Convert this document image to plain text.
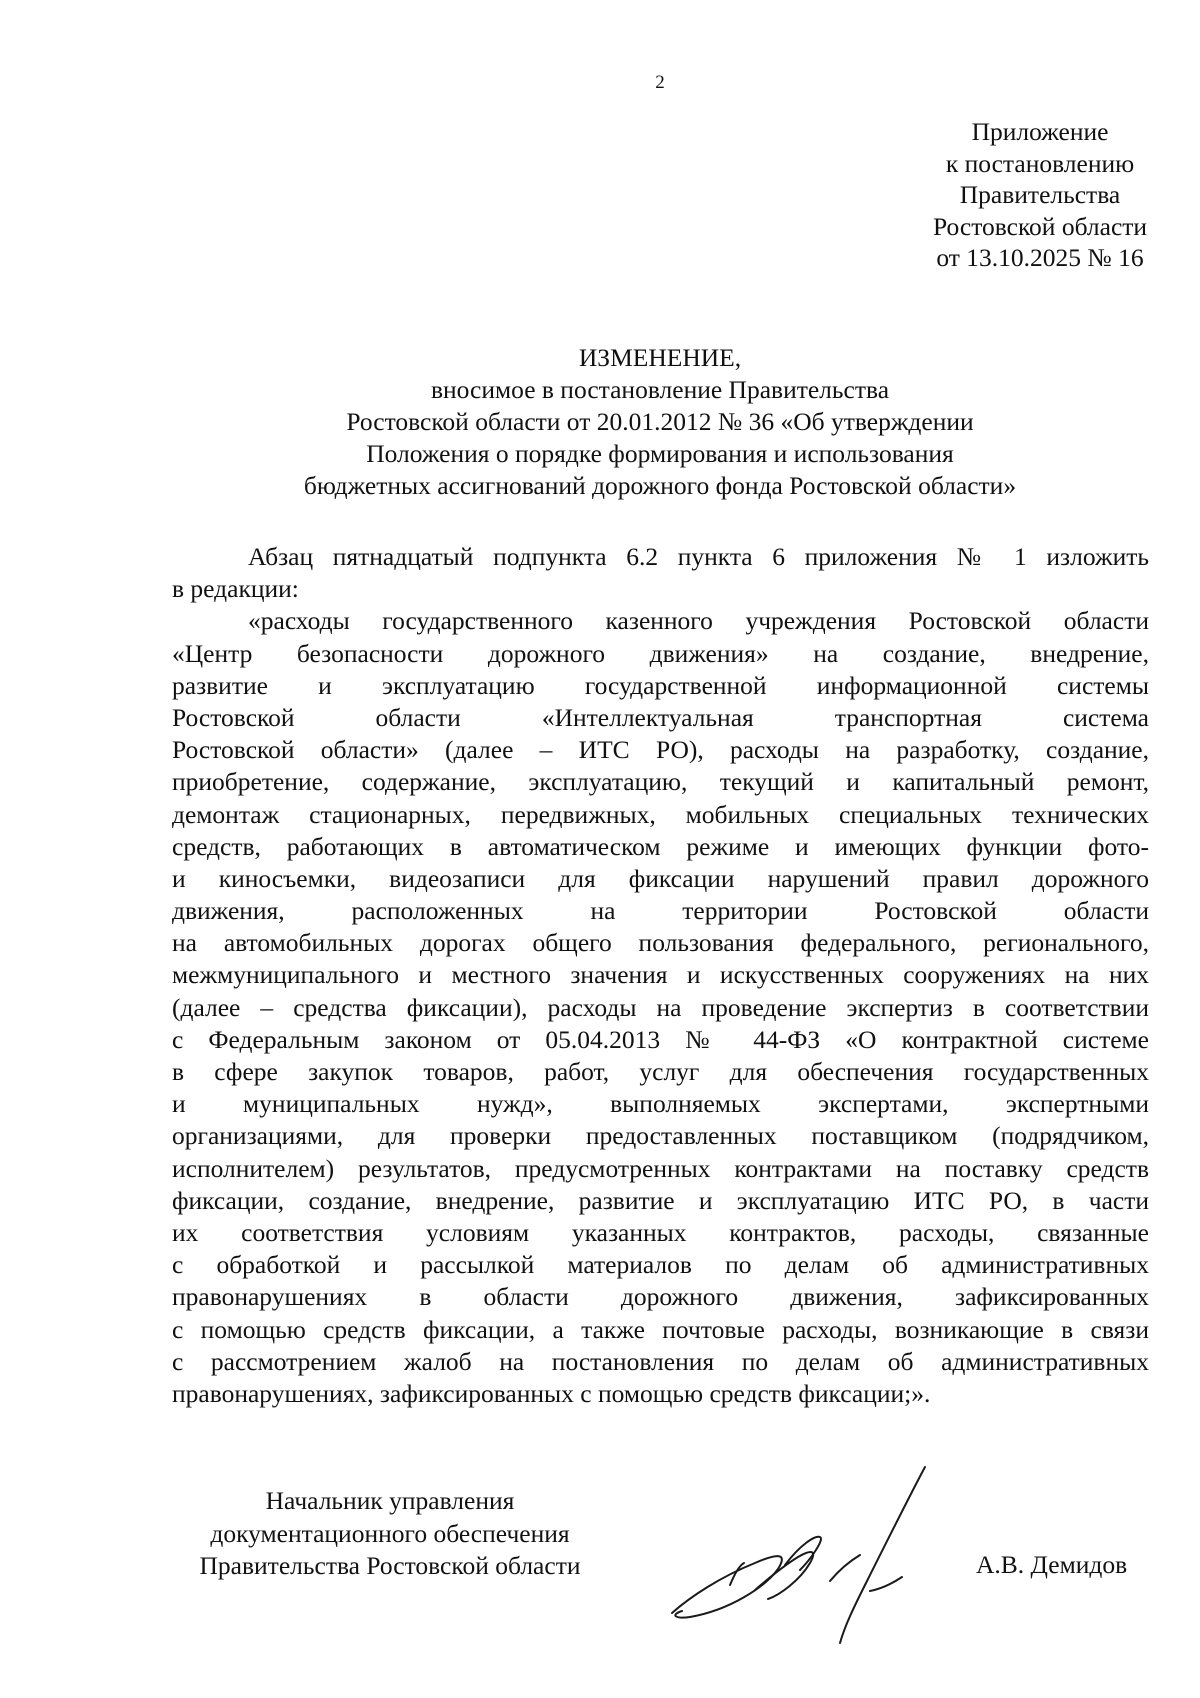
2
Приложение
к постановлению
Правительства
Ростовской области
от 13.10.2025 № 16
ИЗМЕНЕНИЕ,
вносимое в постановление Правительства
Ростовской области от 20.01.2012 № 36 «Об утверждении
Положения о порядке формирования и использования
бюджетных ассигнований дорожного фонда Ростовской области»
Абзац пятнадцатый подпункта 6.2 пункта 6 приложения № 1 изложить
в редакции:
«расходы государственного казенного учреждения Ростовской области
«Центр безопасности дорожного движения» на создание, внедрение,
развитие и эксплуатацию государственной информационной системы
Ростовской области «Интеллектуальная транспортная система
Ростовской области» (далее – ИТС РО), расходы на разработку, создание,
приобретение, содержание, эксплуатацию, текущий и капитальный ремонт,
демонтаж стационарных, передвижных, мобильных специальных технических
средств, работающих в автоматическом режиме и имеющих функции фото-
и киносъемки, видеозаписи для фиксации нарушений правил дорожного
движения, расположенных на территории Ростовской области
на автомобильных дорогах общего пользования федерального, регионального,
межмуниципального и местного значения и искусственных сооружениях на них
(далее – средства фиксации), расходы на проведение экспертиз в соответствии
с Федеральным законом от 05.04.2013 № 44-ФЗ «О контрактной системе
в сфере закупок товаров, работ, услуг для обеспечения государственных
и муниципальных нужд», выполняемых экспертами, экспертными
организациями, для проверки предоставленных поставщиком (подрядчиком,
исполнителем) результатов, предусмотренных контрактами на поставку средств
фиксации, создание, внедрение, развитие и эксплуатацию ИТС РО, в части
их соответствия условиям указанных контрактов, расходы, связанные
с обработкой и рассылкой материалов по делам об административных
правонарушениях в области дорожного движения, зафиксированных
с помощью средств фиксации, а также почтовые расходы, возникающие в связи
с рассмотрением жалоб на постановления по делам об административных
правонарушениях, зафиксированных с помощью средств фиксации;».
Начальник управления
документационного обеспечения
Правительства Ростовской области	А.В. Демидов
